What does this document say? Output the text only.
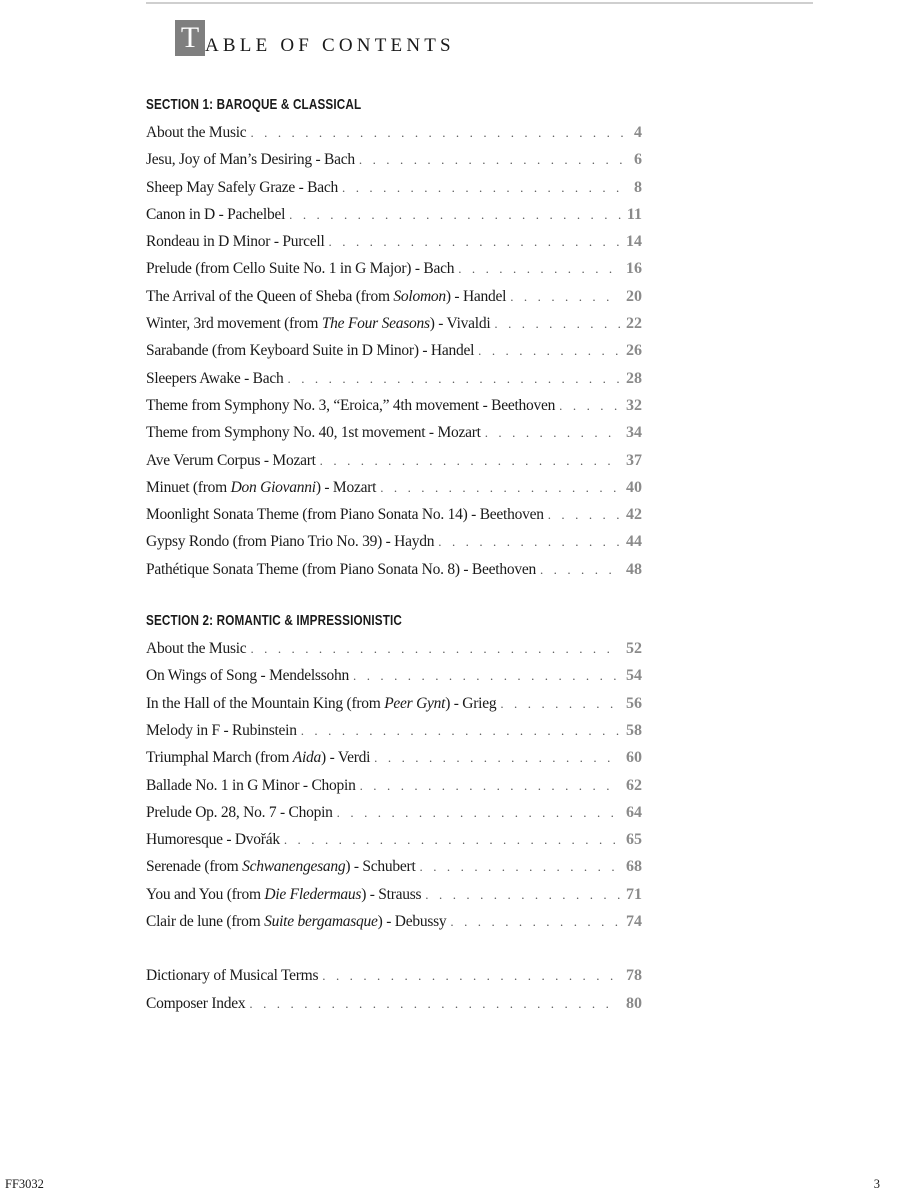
T ABLE OF CONTENTS
SECTION 1: BAROQUE & CLASSICAL
About the Music . . .	4
Jesu, Joy of Man’s Desiring - Bach . . .	6
Sheep May Safely Graze - Bach . . .	8
Canon in D - Pachelbel . . .	11
Rondeau in D Minor - Purcell . . .	14
Prelude (from Cello Suite No. 1 in G Major) - Bach . . .	16
The Arrival of the Queen of Sheba (from Solomon) - Handel . . .	20
Winter, 3rd movement (from The Four Seasons) - Vivaldi . . .	22
Sarabande (from Keyboard Suite in D Minor) - Handel . . .	26
Sleepers Awake - Bach . . .	28
Theme from Symphony No. 3, “Eroica,” 4th movement - Beethoven . . .	32
Theme from Symphony No. 40, 1st movement - Mozart . . .	34
Ave Verum Corpus - Mozart . . .	37
Minuet (from Don Giovanni) - Mozart . . .	40
Moonlight Sonata Theme (from Piano Sonata No. 14) - Beethoven . . .	42
Gypsy Rondo (from Piano Trio No. 39) - Haydn . . .	44
Pathétique Sonata Theme (from Piano Sonata No. 8) - Beethoven . . .	48
SECTION 2: ROMANTIC & IMPRESSIONISTIC
About the Music . . .	52
On Wings of Song - Mendelssohn . . .	54
In the Hall of the Mountain King (from Peer Gynt) - Grieg . . .	56
Melody in F - Rubinstein . . .	58
Triumphal March (from Aida) - Verdi . . .	60
Ballade No. 1 in G Minor - Chopin . . .	62
Prelude Op. 28, No. 7 - Chopin . . .	64
Humoresque - Dvořák . . .	65
Serenade (from Schwanengesang) - Schubert . . .	68
You and You (from Die Fledermaus) - Strauss . . .	71
Clair de lune (from Suite bergamasque) - Debussy . . .	74
Dictionary of Musical Terms . . .	78
Composer Index . . .	80
FF3032	3
